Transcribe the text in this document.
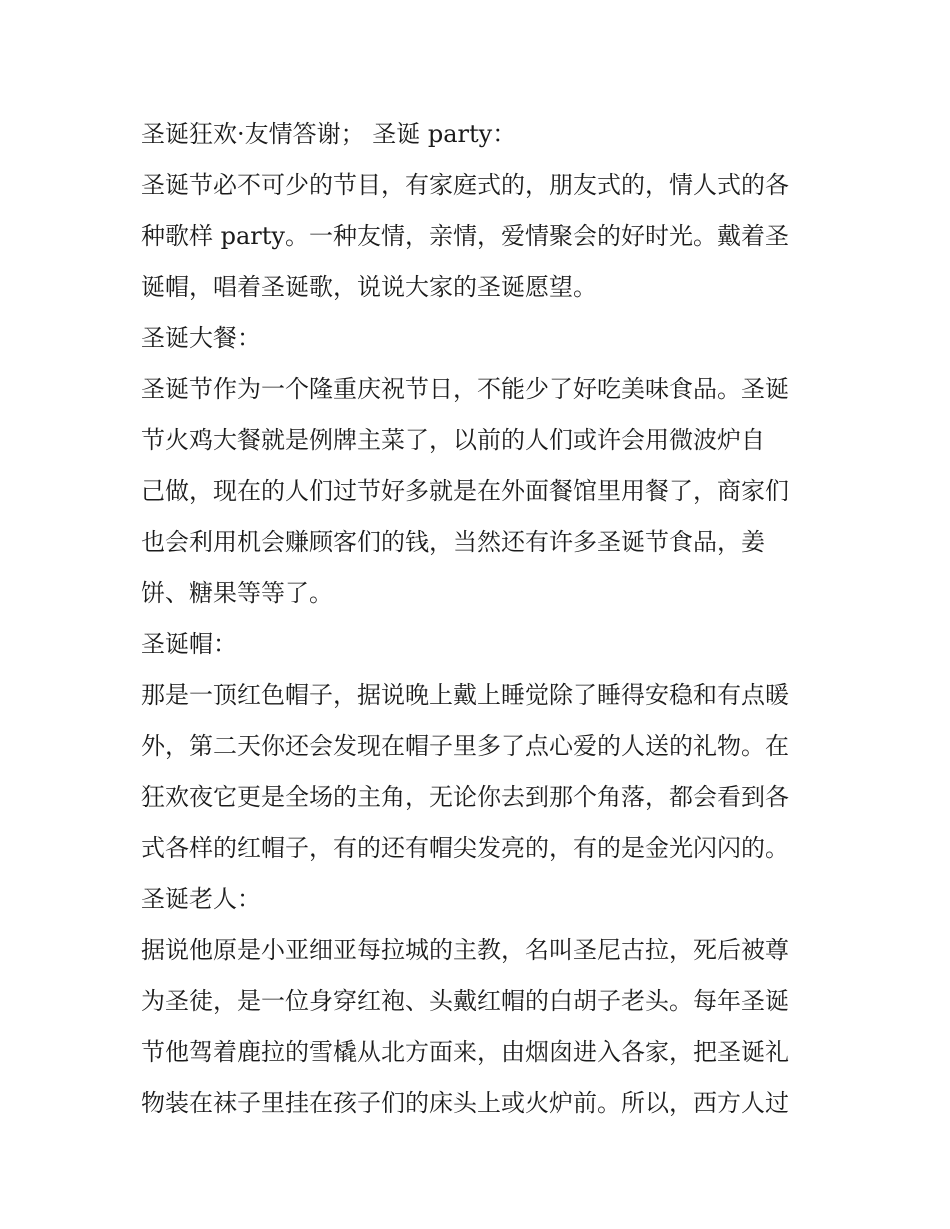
圣诞狂欢·友情答谢； 圣诞 party：

圣诞节必不可少的节目，有家庭式的，朋友式的，情人式的各
种歌样 party。一种友情，亲情，爱情聚会的好时光。戴着圣
诞帽，唱着圣诞歌，说说大家的圣诞愿望。

圣诞大餐：

圣诞节作为一个隆重庆祝节日，不能少了好吃美味食品。圣诞
节火鸡大餐就是例牌主菜了，以前的人们或许会用微波炉自
己做，现在的人们过节好多就是在外面餐馆里用餐了，商家们
也会利用机会赚顾客们的钱，当然还有许多圣诞节食品，姜
饼、糖果等等了。

圣诞帽：

那是一顶红色帽子，据说晚上戴上睡觉除了睡得安稳和有点暖
外，第二天你还会发现在帽子里多了点心爱的人送的礼物。在
狂欢夜它更是全场的主角，无论你去到那个角落，都会看到各
式各样的红帽子，有的还有帽尖发亮的，有的是金光闪闪的。

圣诞老人：

据说他原是小亚细亚每拉城的主教，名叫圣尼古拉，死后被尊
为圣徒，是一位身穿红袍、头戴红帽的白胡子老头。每年圣诞
节他驾着鹿拉的雪橇从北方面来，由烟囱进入各家，把圣诞礼
物装在袜子里挂在孩子们的床头上或火炉前。所以，西方人过
